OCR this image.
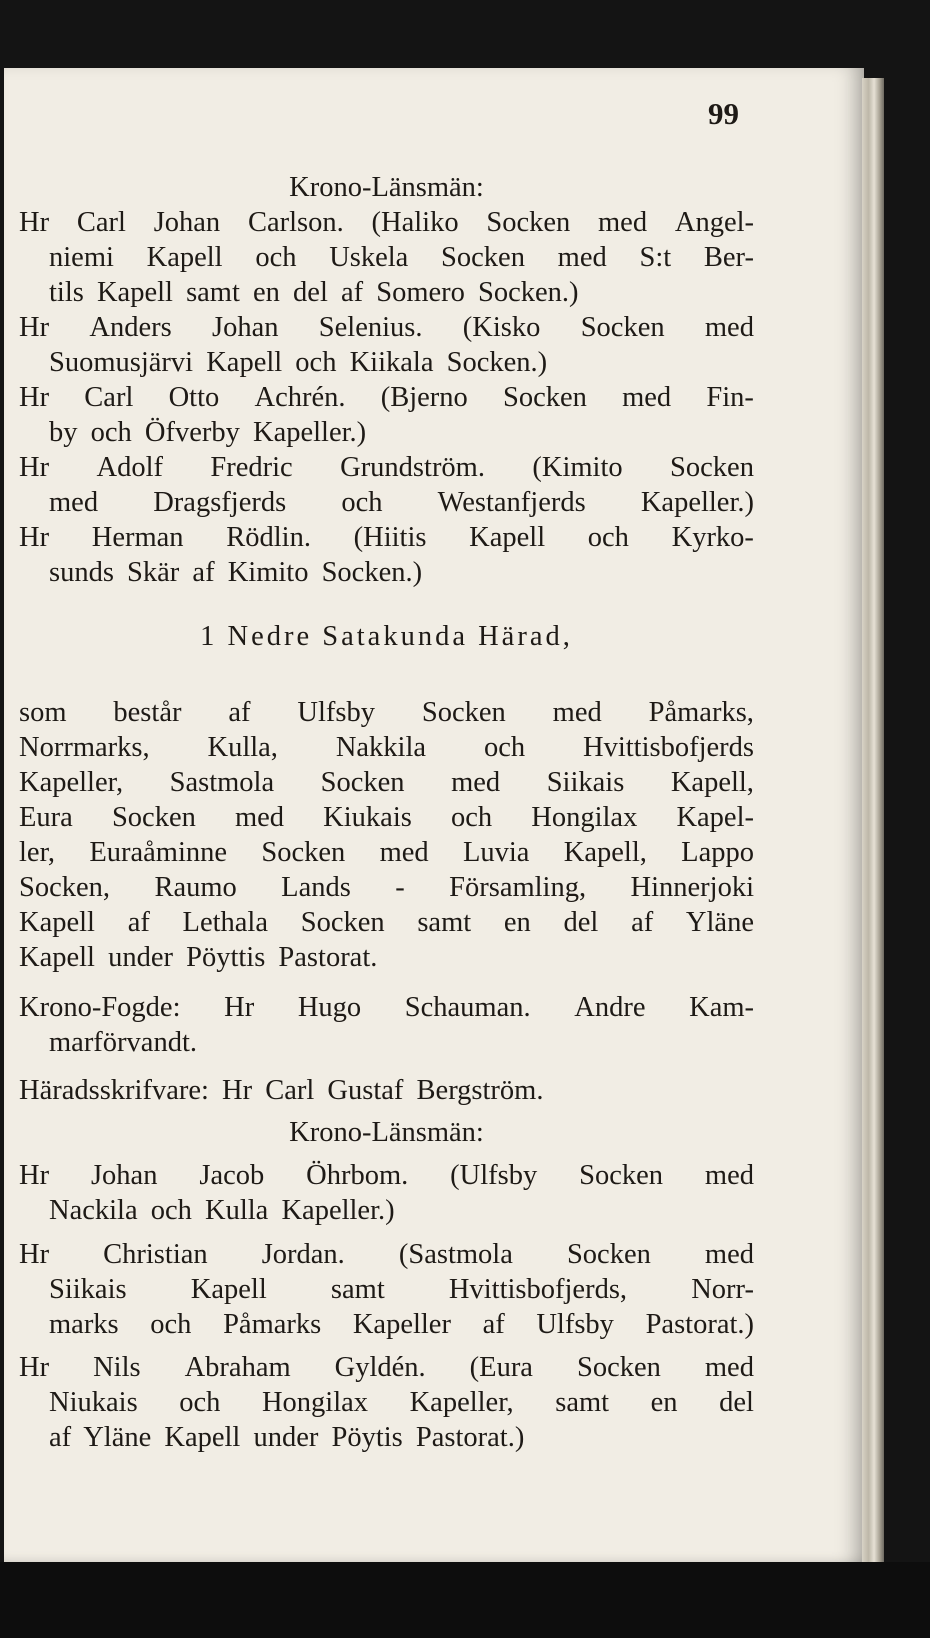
99
Krono-Länsmän:
Hr Carl Johan Carlson. (Haliko Socken med Angel-
niemi Kapell och Uskela Socken med S:t Ber-
tils Kapell samt en del af Somero Socken.)
Hr Anders Johan Selenius. (Kisko Socken med
Suomusjärvi Kapell och Kiikala Socken.)
Hr Carl Otto Achrén. (Bjerno Socken med Fin-
by och Öfverby Kapeller.)
Hr Adolf Fredric Grundström. (Kimito Socken
med Dragsfjerds och Westanfjerds Kapeller.)
Hr Herman Rödlin. (Hiitis Kapell och Kyrko-
sunds Skär af Kimito Socken.)
1 Nedre Satakunda Härad,
som består af Ulfsby Socken med Påmarks,
Norrmarks, Kulla, Nakkila och Hvittisbofjerds
Kapeller, Sastmola Socken med Siikais Kapell,
Eura Socken med Kiukais och Hongilax Kapel-
ler, Euraåminne Socken med Luvia Kapell, Lappo
Socken, Raumo Lands - Församling, Hinnerjoki
Kapell af Lethala Socken samt en del af Yläne
Kapell under Pöyttis Pastorat.
Krono-Fogde: Hr Hugo Schauman. Andre Kam-
marförvandt.
Häradsskrifvare: Hr Carl Gustaf Bergström.
Krono-Länsmän:
Hr Johan Jacob Öhrbom. (Ulfsby Socken med
Nackila och Kulla Kapeller.)
Hr Christian Jordan. (Sastmola Socken med
Siikais Kapell samt Hvittisbofjerds, Norr-
marks och Påmarks Kapeller af Ulfsby Pastorat.)
Hr Nils Abraham Gyldén. (Eura Socken med
Niukais och Hongilax Kapeller, samt en del
af Yläne Kapell under Pöytis Pastorat.)
